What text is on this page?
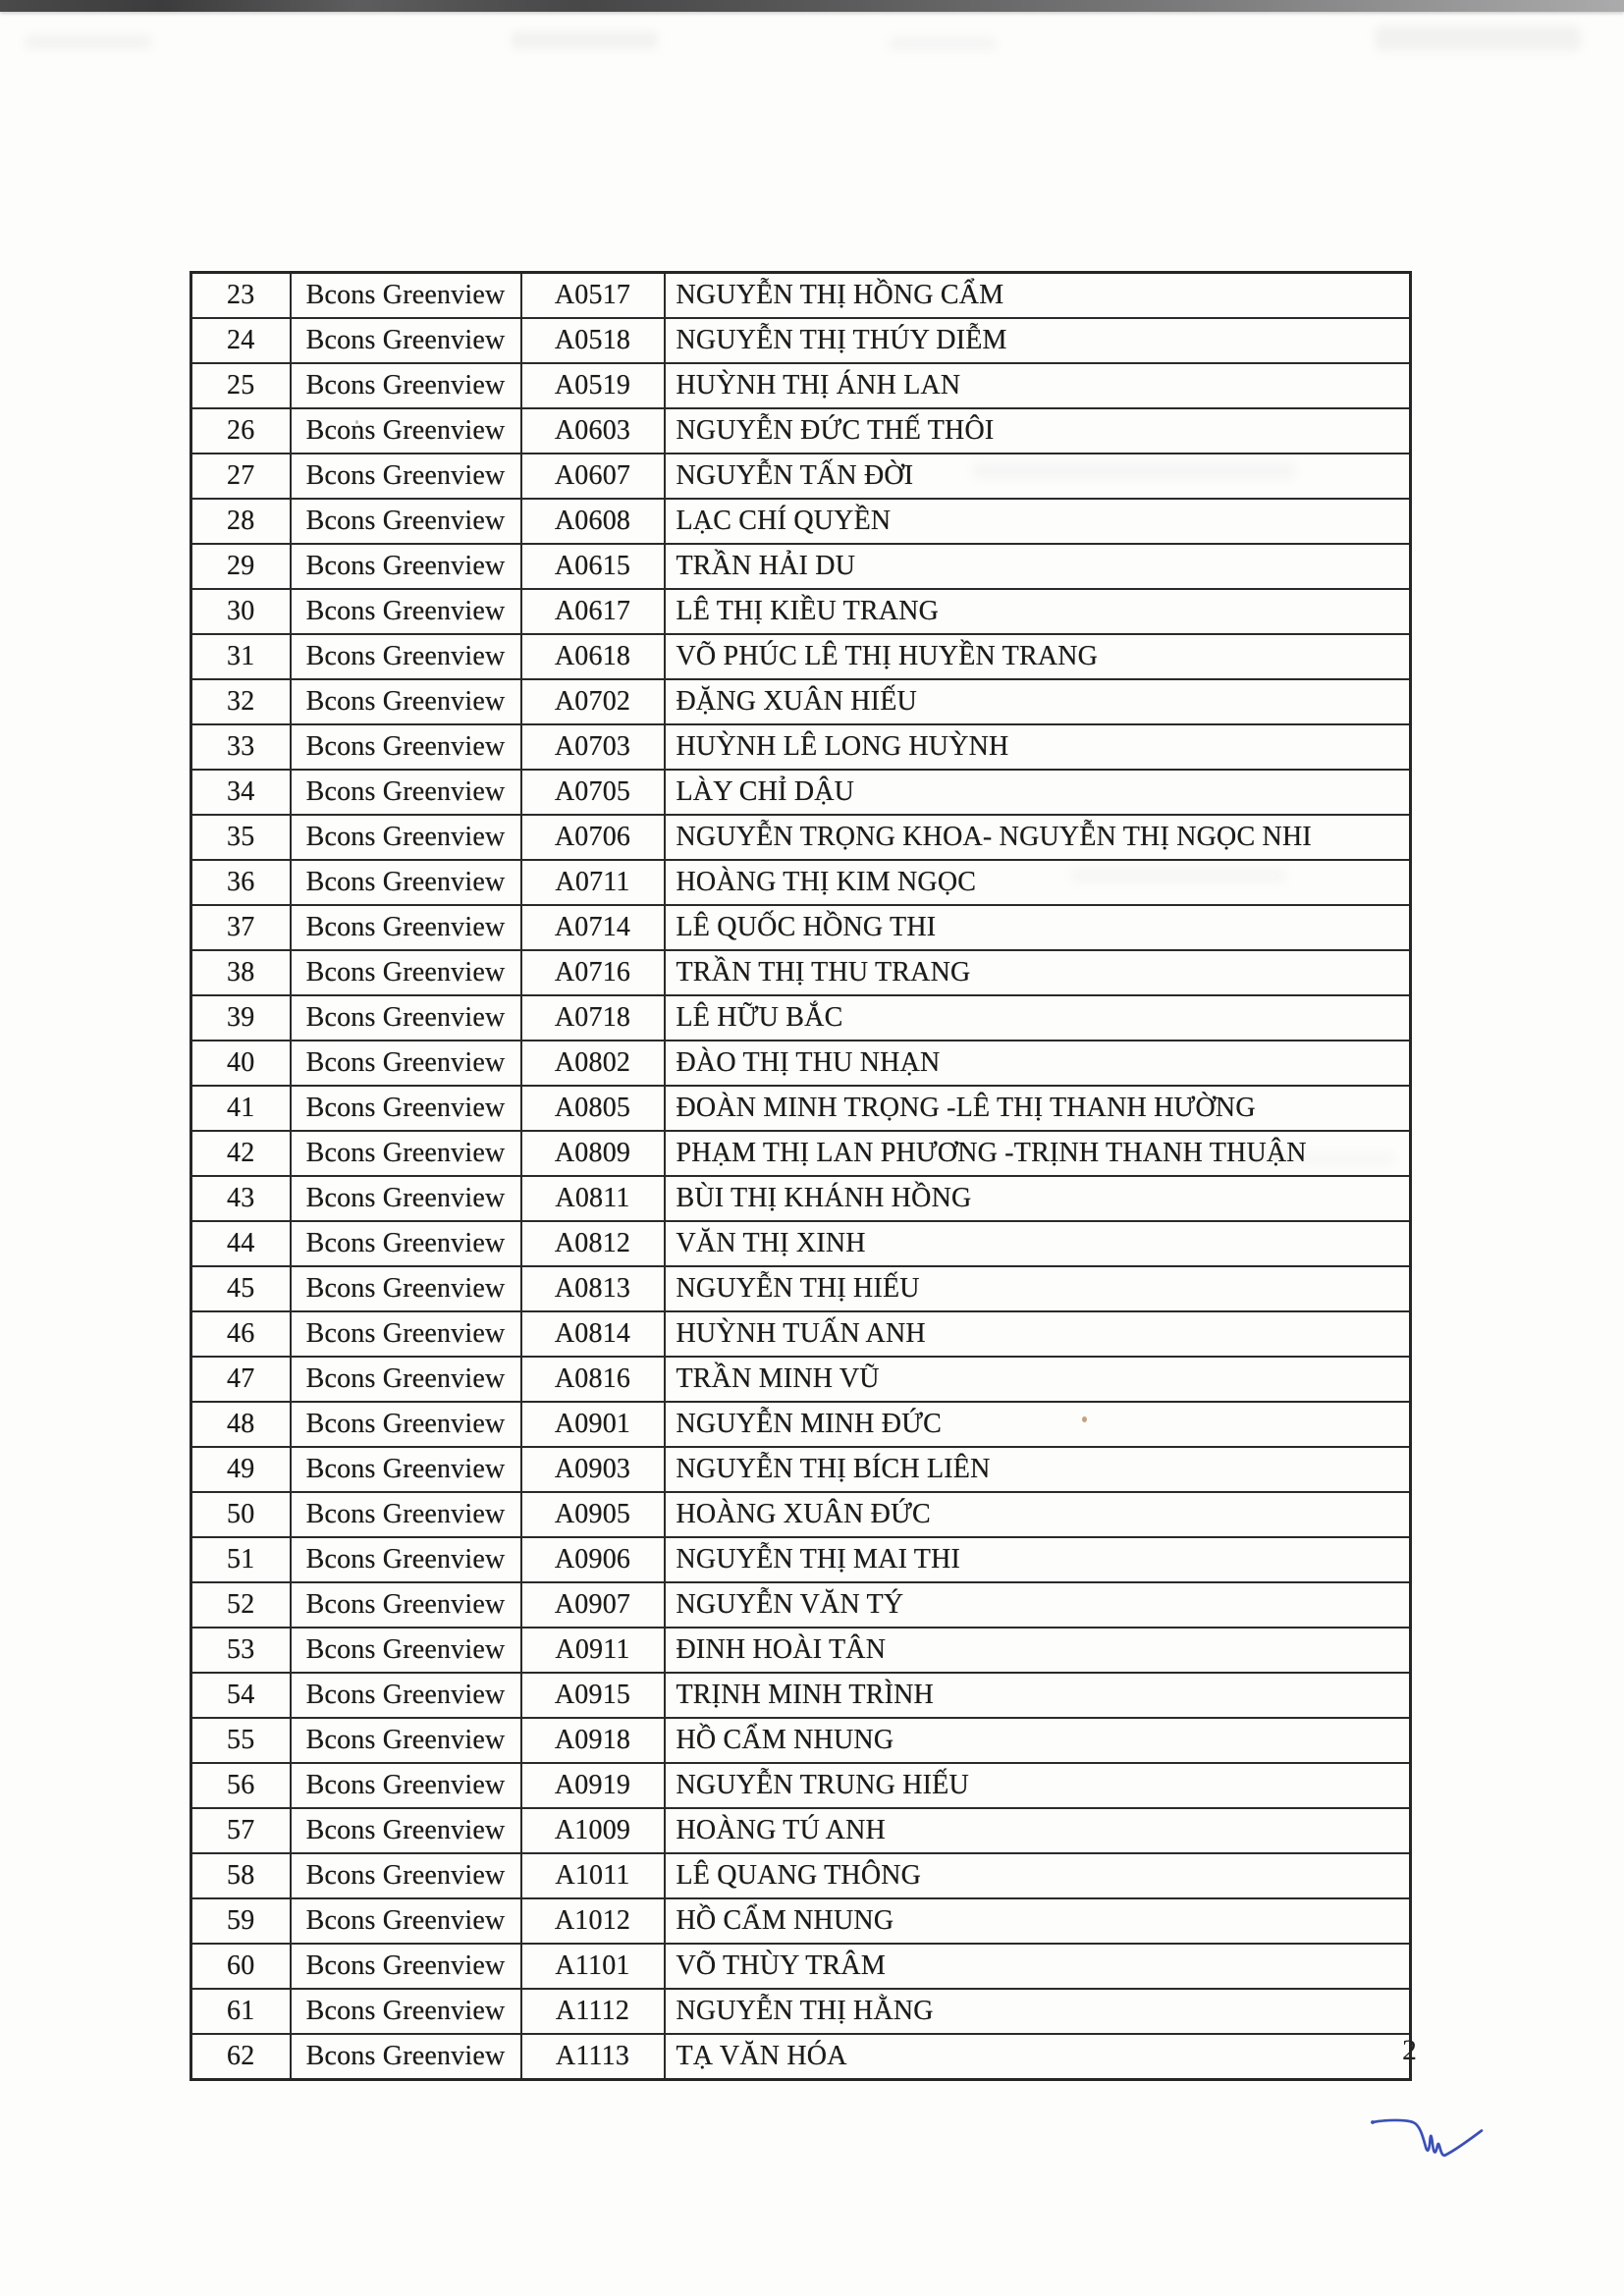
23	Bcons Greenview	A0517	NGUYỄN THỊ HỒNG CẨM
24	Bcons Greenview	A0518	NGUYỄN THỊ THÚY DIỄM
25	Bcons Greenview	A0519	HUỲNH THỊ ÁNH LAN
26	Bcons Greenview	A0603	NGUYỄN ĐỨC THẾ THÔI
27	Bcons Greenview	A0607	NGUYỄN TẤN ĐỜI
28	Bcons Greenview	A0608	LẠC CHÍ QUYỀN
29	Bcons Greenview	A0615	TRẦN HẢI DU
30	Bcons Greenview	A0617	LÊ THỊ KIỀU TRANG
31	Bcons Greenview	A0618	VÕ PHÚC LÊ THỊ HUYỀN TRANG
32	Bcons Greenview	A0702	ĐẶNG XUÂN HIẾU
33	Bcons Greenview	A0703	HUỲNH LÊ LONG HUỲNH
34	Bcons Greenview	A0705	LÀY CHỈ DẬU
35	Bcons Greenview	A0706	NGUYỄN TRỌNG KHOA- NGUYỄN THỊ NGỌC NHI
36	Bcons Greenview	A0711	HOÀNG THỊ KIM NGỌC
37	Bcons Greenview	A0714	LÊ QUỐC HỒNG THI
38	Bcons Greenview	A0716	TRẦN THỊ THU TRANG
39	Bcons Greenview	A0718	LÊ HỮU BẮC
40	Bcons Greenview	A0802	ĐÀO THỊ THU NHẠN
41	Bcons Greenview	A0805	ĐOÀN MINH TRỌNG -LÊ THỊ THANH HƯỜNG
42	Bcons Greenview	A0809	PHẠM THỊ LAN PHƯƠNG -TRỊNH THANH THUẬN
43	Bcons Greenview	A0811	BÙI THỊ KHÁNH HỒNG
44	Bcons Greenview	A0812	VĂN THỊ XINH
45	Bcons Greenview	A0813	NGUYỄN THỊ HIẾU
46	Bcons Greenview	A0814	HUỲNH TUẤN ANH
47	Bcons Greenview	A0816	TRẦN MINH VŨ
48	Bcons Greenview	A0901	NGUYỄN MINH ĐỨC
49	Bcons Greenview	A0903	NGUYỄN THỊ BÍCH LIÊN
50	Bcons Greenview	A0905	HOÀNG XUÂN ĐỨC
51	Bcons Greenview	A0906	NGUYỄN THỊ MAI THI
52	Bcons Greenview	A0907	NGUYỄN VĂN TÝ
53	Bcons Greenview	A0911	ĐINH HOÀI TÂN
54	Bcons Greenview	A0915	TRỊNH MINH TRÌNH
55	Bcons Greenview	A0918	HỒ CẨM NHUNG
56	Bcons Greenview	A0919	NGUYỄN TRUNG HIẾU
57	Bcons Greenview	A1009	HOÀNG TÚ ANH
58	Bcons Greenview	A1011	LÊ QUANG THÔNG
59	Bcons Greenview	A1012	HỒ CẨM NHUNG
60	Bcons Greenview	A1101	VÕ THÙY TRÂM
61	Bcons Greenview	A1112	NGUYỄN THỊ HẰNG
62	Bcons Greenview	A1113	TẠ VĂN HÓA	2
